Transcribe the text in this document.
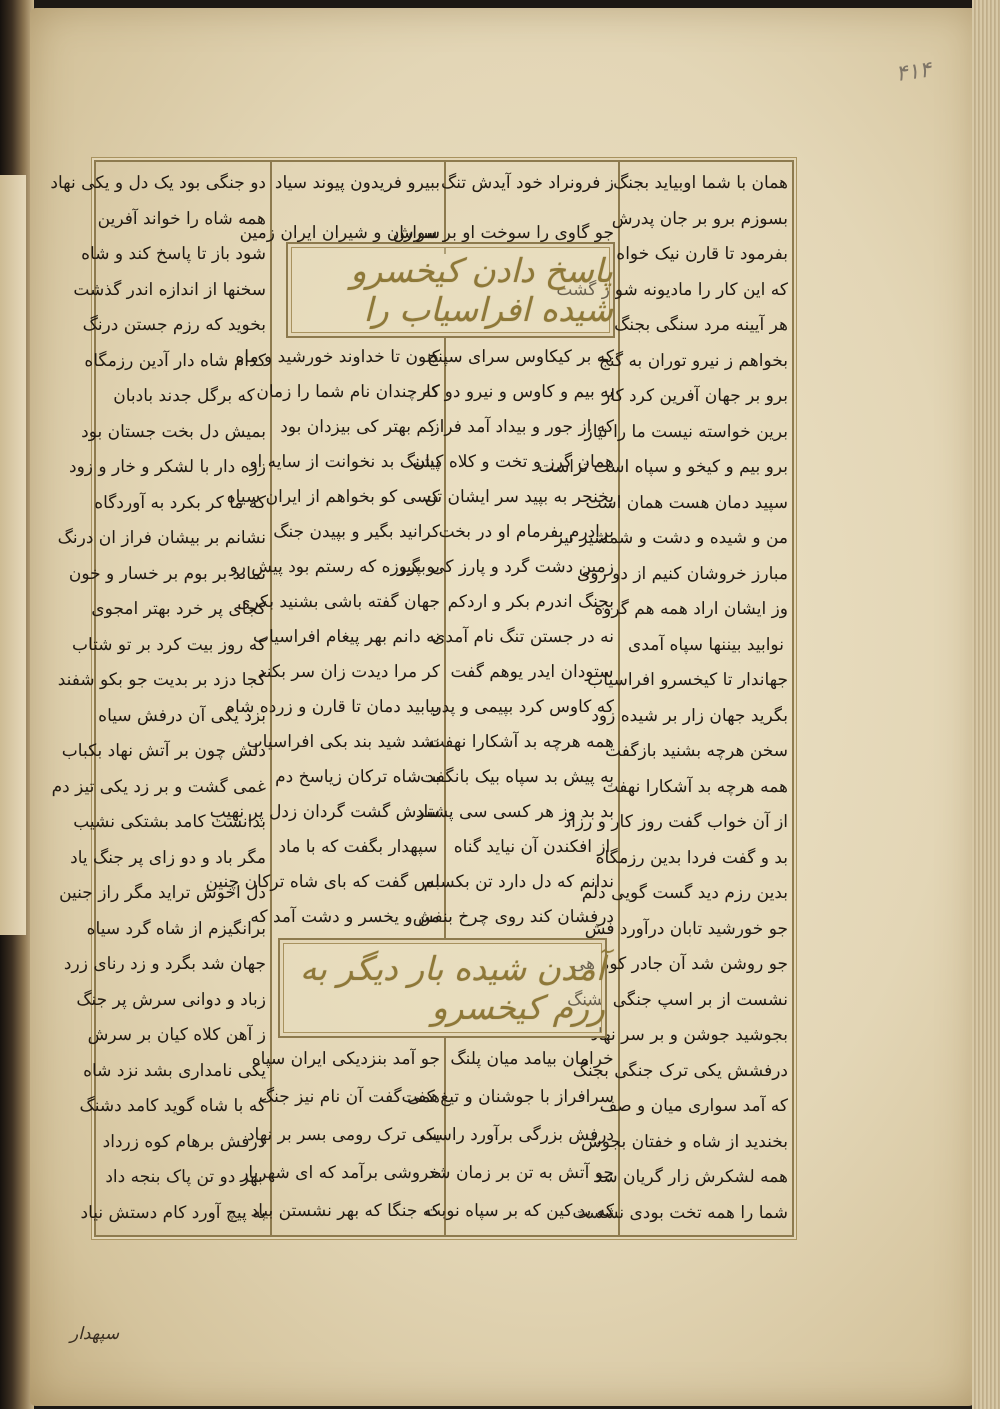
۴۱۴
همان با شما اوبیاید بجنگ
بسوزم برو بر جان پدرش
بفرمود تا قارن نیک خواه
که این کار را مادیونه شوار گشت
هر آیینه مرد سنگی بجنگ
بخواهم ز نیرو توران به گنج
برو بر جهان آفرین کرد کار
برین خواسته نیست ما را نیاز
برو بیم و کیخو و سپاه است تراست
سپید دمان هست همان است
من و شیده و دشت و شمشیر تیز
مبارز خروشان کنیم از دو روی
وز ایشان اراد همه هم گروه
نوابید بیننها سپاه آمدی
جهاندار تا کیخسرو افراسیاب
بگرید جهان زار بر شیده زود
سخن هرچه بشنید بازگفت
همه هرچه بد آشکارا نهفت
از آن خواب گفت روز کار و رزاد
بد و گفت فردا بدین رزمگاه
بدین رزم دید گست گویی دلم
جو خورشید تابان درآورد فش
جو روشن شد آن جادر کوه هی
نشست از بر اسپ جنگی پشنگ
بجوشید جوشن و بر سر نهاد
درفشش یکی ترک جنگی بجنگ
که آمد سواری میان و صف
بخندید از شاه و خفتان بجوش
همه لشکرش زار گریان شد
شما را همه تخت بودی نشست
ز فرونراد خود آیدش تنگ
جو گاوی را سوخت او بر سرش
که بر کیکاوس سرای سپنج
به بیم و کاوس و نیرو دو کار
که از جور و بیداد آمد فراز
همان گرز و تخت و کلاه کیان
بخنجر به بپید سر ایشان تن
برادرم بفرمام او در بخت
زمین دشت گرد و پارز کی بگیر
بجنگ اندرم بکر و اردکم
نه در جستن تنگ نام آمدی
ستودان ایدر یوهم گفت
که کاوس کرد بپیمی و پدر
همه هرچه بد آشکارا نهفت
به پیش بد سپاه بیک بانگفت
بد بد وز هر کسی سی پشتاد
از افکندن آن نیاید گناه
ندانم که دل دارد تن بکسلم
درفشان کند روی چرخ بنفش
خرامان بیامد میان پلنگ
سرافراز با جوشنان و تیغ کفت
درفش بزرگی برآورد راست
جو آتش به تن بر زمان شد
که بد کین که بر سپاه نوبت
ببیرو فریدون پیوند سیاد
سواران و شیران ایران زمین
کنون تا خداوند خورشید و ماه
که چندان نام شما را زمان
کم بهتر کی بیزدان بود
پشنگ بد نخوانت از سایه او
کسی کو بخواهم از ایران سیاه
کرانید بگیر و بپیدن جنگ
بو پروزه که رستم بود پیش رو
جهان گفته باشی بشنید بکری
نه دانم بهر پیغام افراسیاب
کر مرا دیدت زان سر بکند
بیابید دمان تا قارن و زرده شاه
نشد شید بند بکی افراسیاب
بد شاه ترکان زیاسخ دم
سرش گشت گردان زدل پر نهیب
سپهدار بگفت که با ماد
بس گفت که بای شاه ترکان چنین
من و یخسر و دشت آمد که
جو آمد بنزدیکی ایران سپاه
همی گفت آن نام نیز جنگ
یکی ترک رومی بسر بر نهاد
خروشی برآمد که ای شهریار
که جنگا که بهر نشستن بیاد
دو جنگی بود یک دل و یکی نهاد
همه شاه را خواند آفرین
شود باز تا پاسخ کند و شاه
سخنها از اندازه اندر گذشت
بخوید که رزم جستن درنگ
کدام شاه دار آدین رزمگاه
که برگل جدند بادبان
بمیش دل بخت جستان بود
زره دار با لشکر و خار و زود
که ما کر بکرد به آوردگاه
نشانم بر بیشان فراز ان درنگ
نماند بر بوم بر خسار و خون
کجای پر خرد بهتر امجوی
که روز بیت کرد بر تو شتاب
کجا دزد بر بدیت جو بکو شفند
بزد یکی آن درفش سیاه
دلش چون بر آتش نهاد بکباب
غمی گشت و بر زد یکی تیز دم
بدانست کامد بشتکی نشیب
مگر باد و دو زای پر جنگ یاد
دل اخوش تراید مگر راز جنین
برانگیزم از شاه گرد سیاه
جهان شد بگرد و زد رنای زرد
زباد و دوانی سرش پر جنگ
ز آهن کلاه کیان بر سرش
یکی نامداری بشد نزد شاه
که با شاه گوید کامد دشنگ
درفش برهام کوه زرداد
بهر دو تن پاک بنجه داد
به پیچ آورد کام دستش نیاد
پاسخ دادن کیخسرو شیده افراسیاب را
آمدن شیده بار دیگر به رزم کیخسرو
سپهدار
